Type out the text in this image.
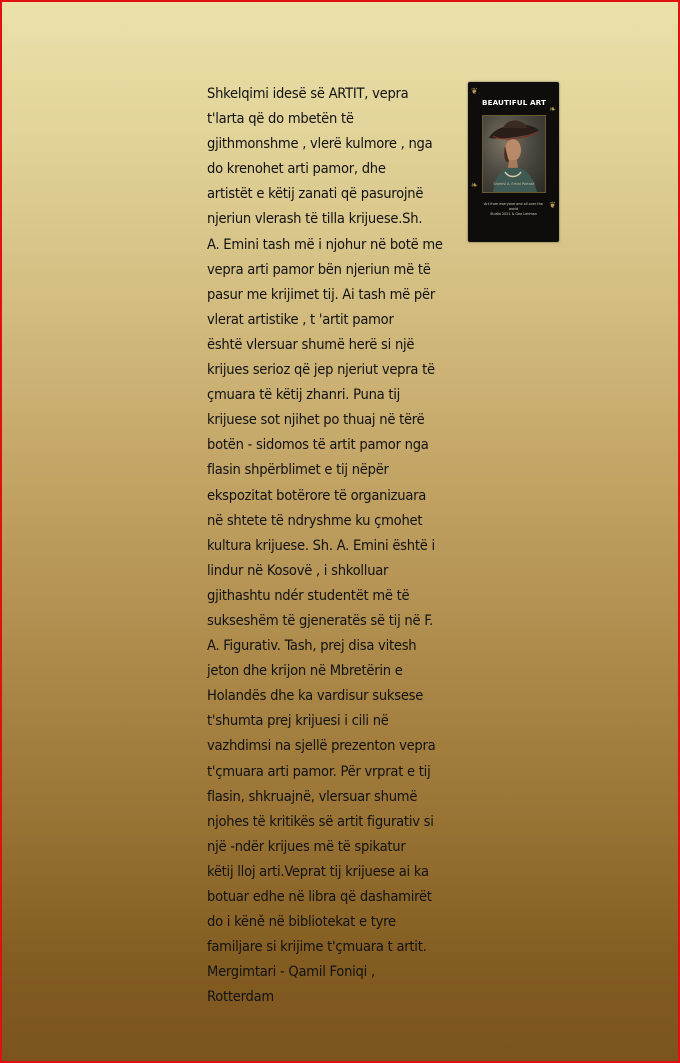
Shkelqimi idesë së ARTIT, vepra
t'larta që do mbetën të
gjithmonshme , vlerë kulmore , nga
do krenohet arti pamor, dhe
artistët e këtij zanati që pasurojnë
njeriun vlerash të tilla krijuese.Sh.
A. Emini tash më i njohur në botë me
vepra arti pamor bën njeriun më të
pasur me krijimet tij. Ai tash më për
vlerat artistike , t 'artit pamor
është vlersuar shumë herë si një
krijues serioz që jep njeriut vepra të
çmuara të këtij zhanri. Puna tij
krijuese sot njihet po thuaj në tërë
botën - sidomos të artit pamor nga
flasin shpërblimet e tij nëpër
ekspozitat botërore të organizuara
në shtete të ndryshme ku çmohet
kultura krijuese. Sh. A. Emini është i
lindur në Kosovë , i shkolluar
gjithashtu ndér studentët më të
sukseshëm të gjeneratës së tij në F.
A. Figurativ. Tash, prej disa vitesh
jeton dhe krijon në Mbretërin e
Holandës dhe ka vardisur suksese
t'shumta prej krijuesi i cili në
vazhdimsi na sjellë prezenton vepra
t'çmuara arti pamor. Për vrprat e tij
flasin, shkruajnë, vlersuar shumë
njohes të kritikës së artit figurativ si
një -ndër krijues më të spikatur
këtij lloj arti.Veprat tij krijuese ai ka
botuar edhe në libra që dashamirët
do i këně në bibliotekat e tyre
familjare si krijime t'çmuara t artit.
Mergimtari - Qamil Foniqi ,
Rotterdam

❦
❧
❧
❦
BEAUTIFUL ART
Shemsi A. Emini Portrait
Art from everyone and all over the
world
Studio 2021 & Geo Lehman
